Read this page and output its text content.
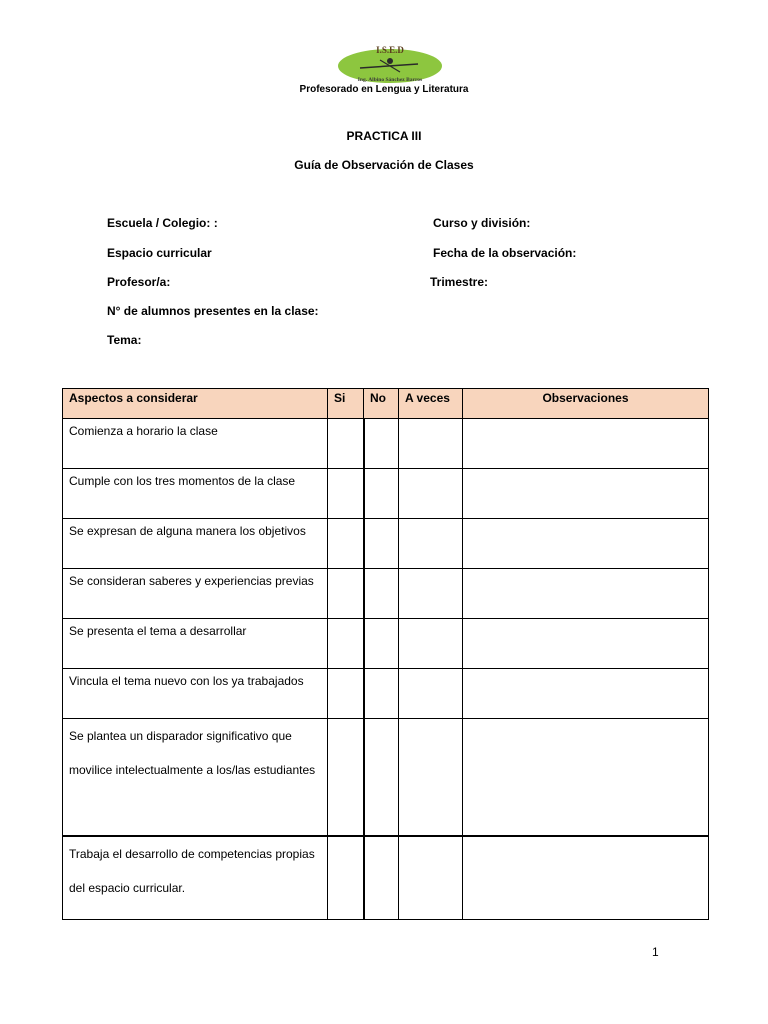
I.S.E.D
Ing. Albino Sánchez Barros
Profesorado en Lengua y Literatura
PRACTICA III
Guía de Observación de Clases
Escuela / Colegio: :	Curso y división:
Espacio curricular	Fecha de la observación:
Profesor/a:	Trimestre:
N° de alumnos presentes en la clase:
Tema:
Aspectos a considerar	Si	No	A veces	Observaciones
Comienza a horario la clase				
Cumple con los tres momentos de la clase				
Se expresan de alguna manera los objetivos				
Se consideran saberes y experiencias previas				
Se presenta el tema a desarrollar				
Vincula el tema nuevo con los ya trabajados				
Se plantea un disparador significativo que movilice intelectualmente a los/las estudiantes				
Trabaja el desarrollo de competencias propias del espacio curricular.				
1
